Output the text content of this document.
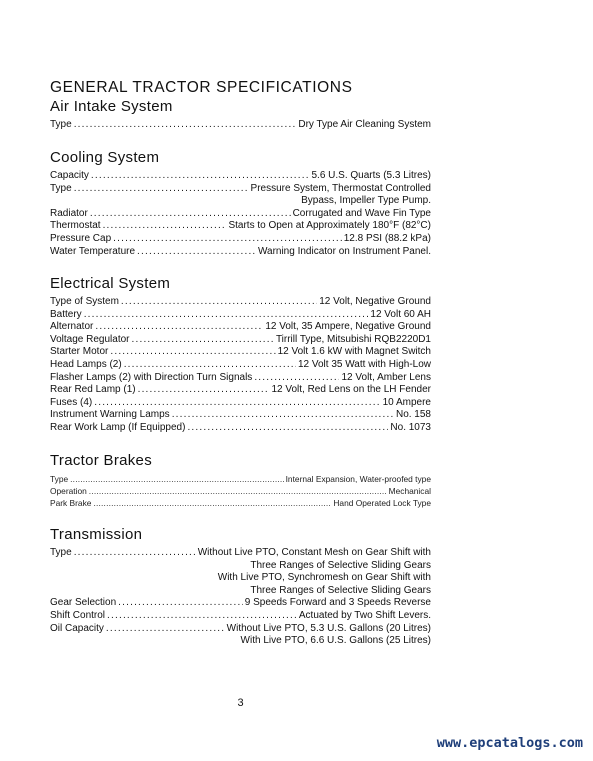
GENERAL TRACTOR SPECIFICATIONS
Air Intake System
Type .....	Dry Type Air Cleaning System
Cooling System
Capacity .....	5.6 U.S. Quarts (5.3 Litres)
Type .....	Pressure System, Thermostat Controlled
Bypass, Impeller Type Pump.
Radiator .....	Corrugated and Wave Fin Type
Thermostat .....	Starts to Open at Approximately 180°F (82°C)
Pressure Cap .....	12.8 PSI (88.2 kPa)
Water Temperature .....	Warning Indicator on Instrument Panel.
Electrical System
Type of System .....	12 Volt, Negative Ground
Battery .....	12 Volt 60 AH
Alternator .....	12 Volt, 35 Ampere, Negative Ground
Voltage Regulator .....	Tirrill Type, Mitsubishi RQB2220D1
Starter Motor .....	12 Volt 1.6 kW with Magnet Switch
Head Lamps (2) .....	12 Volt 35 Watt with High-Low
Flasher Lamps (2) with Direction Turn Signals .....	12 Volt, Amber Lens
Rear Red Lamp (1) .....	12 Volt, Red Lens on the LH Fender
Fuses (4) .....	10 Ampere
Instrument Warning Lamps .....	No. 158
Rear Work Lamp (If Equipped) .....	No. 1073
Tractor Brakes
Type .....	Internal Expansion, Water-proofed type
Operation .....	Mechanical
Park Brake .....	Hand Operated Lock Type
Transmission
Type .....	Without Live PTO, Constant Mesh on Gear Shift with
Three Ranges of Selective Sliding Gears
With Live PTO, Synchromesh on Gear Shift with
Three Ranges of Selective Sliding Gears
Gear Selection .....	9 Speeds Forward and 3 Speeds Reverse
Shift Control .....	Actuated by Two Shift Levers.
Oil Capacity .....	Without Live PTO, 5.3 U.S. Gallons (20 Litres)
With Live PTO, 6.6 U.S. Gallons (25 Litres)
3
www.epcatalogs.com
